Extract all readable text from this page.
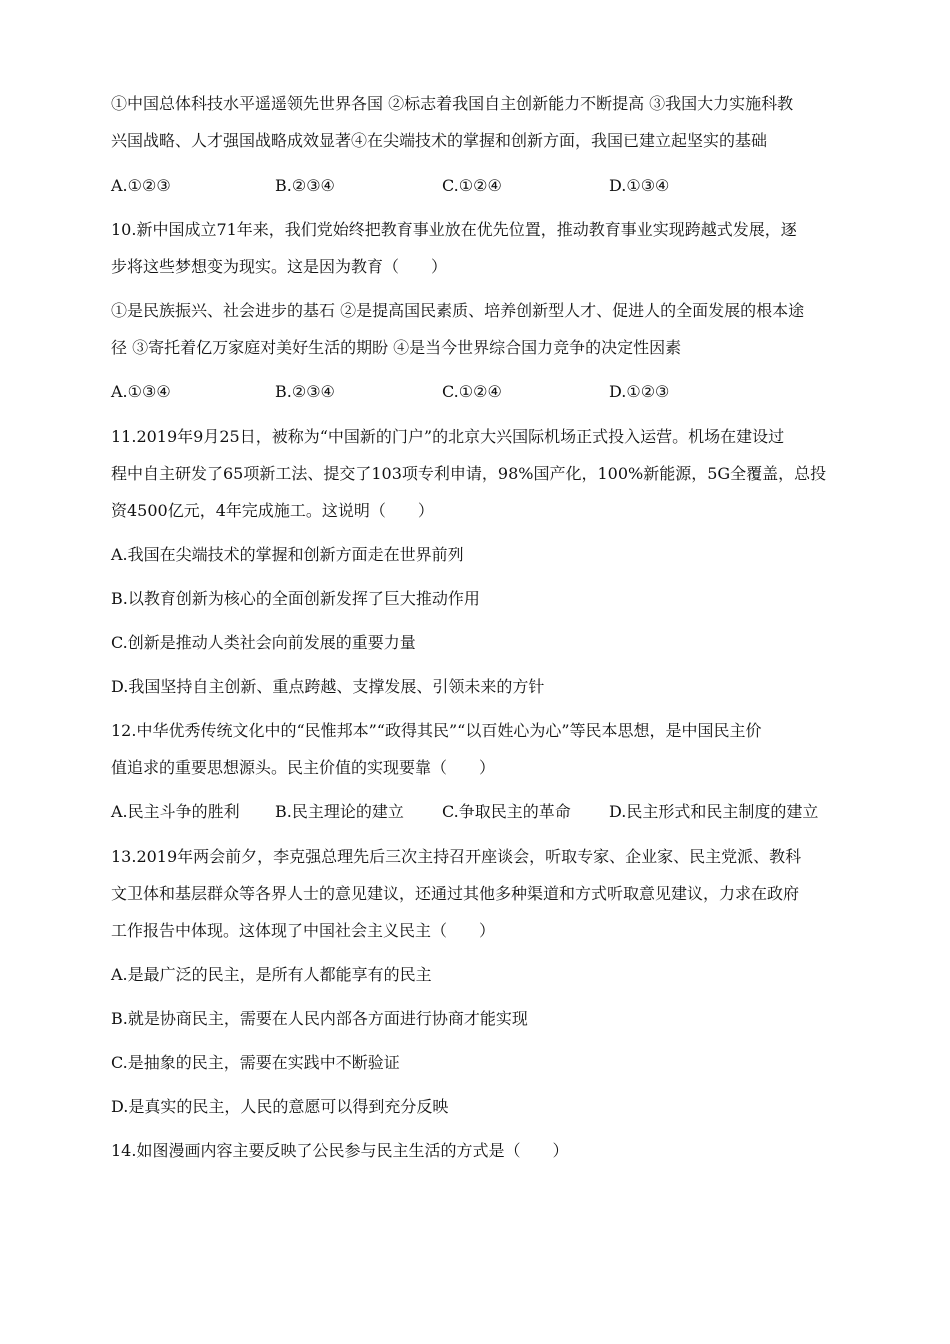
①中国总体科技水平遥遥领先世界各国 ②标志着我国自主创新能力不断提高 ③我国大力实施科教
兴国战略、人才强国战略成效显著④在尖端技术的掌握和创新方面，我国已建立起坚实的基础
A.①②③	B.②③④	C.①②④	D.①③④
10.新中国成立71年来，我们党始终把教育事业放在优先位置，推动教育事业实现跨越式发展，逐
步将这些梦想变为现实。这是因为教育（　　）
①是民族振兴、社会进步的基石 ②是提高国民素质、培养创新型人才、促进人的全面发展的根本途
径 ③寄托着亿万家庭对美好生活的期盼 ④是当今世界综合国力竞争的决定性因素
A.①③④	B.②③④	C.①②④	D.①②③
11.2019年9月25日，被称为“中国新的门户”的北京大兴国际机场正式投入运营。机场在建设过
程中自主研发了65项新工法、提交了103项专利申请，98%国产化，100%新能源，5G全覆盖，总投
资4500亿元，4年完成施工。这说明（　　）
A.我国在尖端技术的掌握和创新方面走在世界前列
B.以教育创新为核心的全面创新发挥了巨大推动作用
C.创新是推动人类社会向前发展的重要力量
D.我国坚持自主创新、重点跨越、支撑发展、引领未来的方针
12.中华优秀传统文化中的“民惟邦本”“政得其民”“以百姓心为心”等民本思想，是中国民主价
值追求的重要思想源头。民主价值的实现要靠（　　）
A.民主斗争的胜利 B.民主理论的建立 C.争取民主的革命 D.民主形式和民主制度的建立
13.2019年两会前夕，李克强总理先后三次主持召开座谈会，听取专家、企业家、民主党派、教科
文卫体和基层群众等各界人士的意见建议，还通过其他多种渠道和方式听取意见建议，力求在政府
工作报告中体现。这体现了中国社会主义民主（　　）
A.是最广泛的民主，是所有人都能享有的民主
B.就是协商民主，需要在人民内部各方面进行协商才能实现
C.是抽象的民主，需要在实践中不断验证
D.是真实的民主，人民的意愿可以得到充分反映
14.如图漫画内容主要反映了公民参与民主生活的方式是（　　）
